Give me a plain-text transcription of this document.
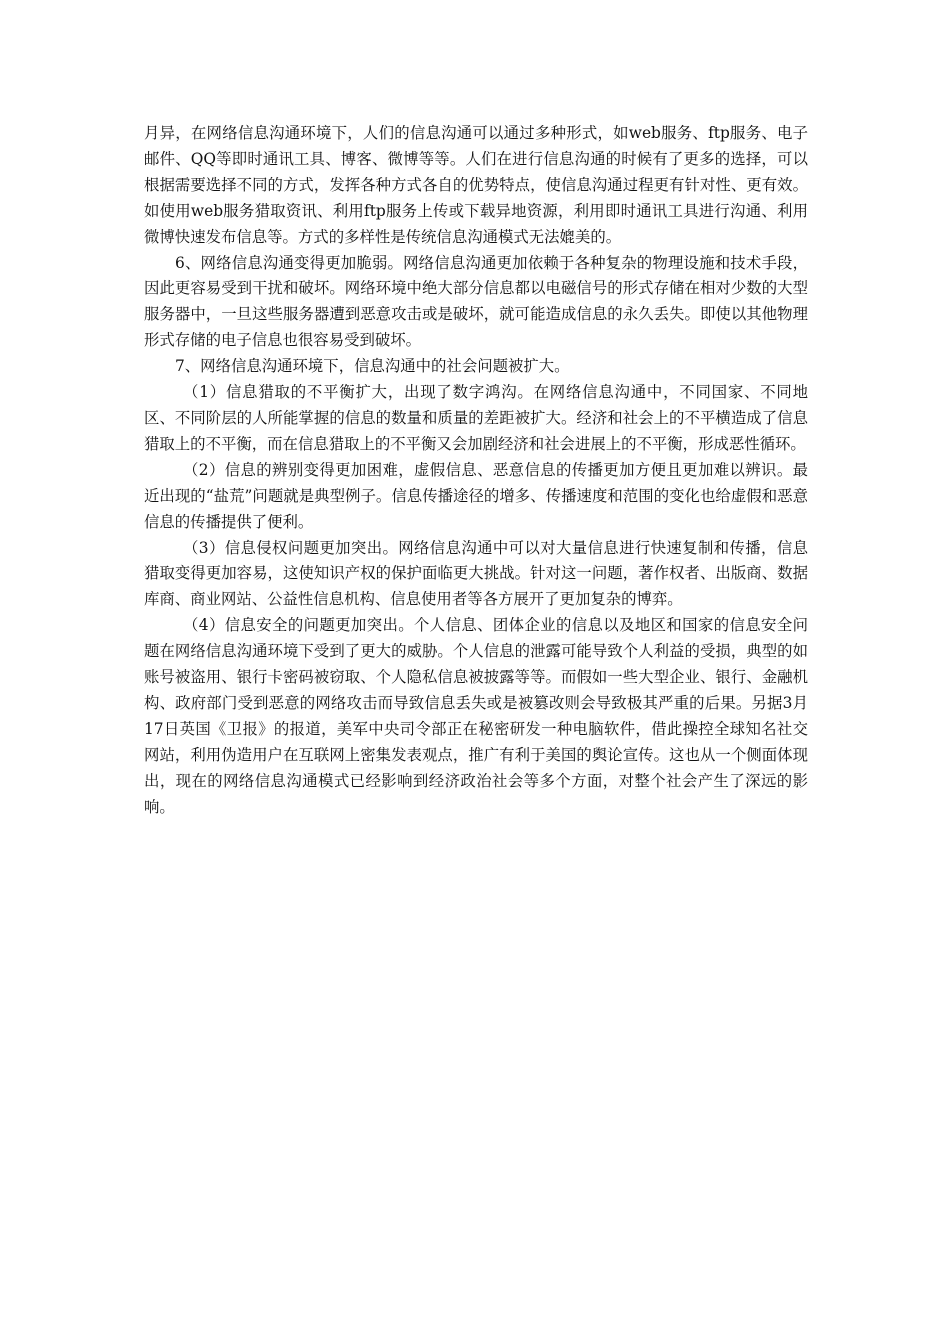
月异，在网络信息沟通环境下，人们的信息沟通可以通过多种形式，如web服务、ftp服务、电子邮件、QQ等即时通讯工具、博客、微博等等。人们在进行信息沟通的时候有了更多的选择，可以根据需要选择不同的方式，发挥各种方式各自的优势特点，使信息沟通过程更有针对性、更有效。如使用web服务猎取资讯、利用ftp服务上传或下载异地资源，利用即时通讯工具进行沟通、利用微博快速发布信息等。方式的多样性是传统信息沟通模式无法媲美的。

6、网络信息沟通变得更加脆弱。网络信息沟通更加依赖于各种复杂的物理设施和技术手段，因此更容易受到干扰和破坏。网络环境中绝大部分信息都以电磁信号的形式存储在相对少数的大型服务器中，一旦这些服务器遭到恶意攻击或是破坏，就可能造成信息的永久丢失。即使以其他物理形式存储的电子信息也很容易受到破坏。

7、网络信息沟通环境下，信息沟通中的社会问题被扩大。

（1）信息猎取的不平衡扩大，出现了数字鸿沟。在网络信息沟通中，不同国家、不同地区、不同阶层的人所能掌握的信息的数量和质量的差距被扩大。经济和社会上的不平横造成了信息猎取上的不平衡，而在信息猎取上的不平衡又会加剧经济和社会进展上的不平衡，形成恶性循环。

（2）信息的辨别变得更加困难，虚假信息、恶意信息的传播更加方便且更加难以辨识。最近出现的“盐荒”问题就是典型例子。信息传播途径的增多、传播速度和范围的变化也给虚假和恶意信息的传播提供了便利。

（3）信息侵权问题更加突出。网络信息沟通中可以对大量信息进行快速复制和传播，信息猎取变得更加容易，这使知识产权的保护面临更大挑战。针对这一问题，著作权者、出版商、数据库商、商业网站、公益性信息机构、信息使用者等各方展开了更加复杂的博弈。

（4）信息安全的问题更加突出。个人信息、团体企业的信息以及地区和国家的信息安全问题在网络信息沟通环境下受到了更大的威胁。个人信息的泄露可能导致个人利益的受损，典型的如账号被盗用、银行卡密码被窃取、个人隐私信息被披露等等。而假如一些大型企业、银行、金融机构、政府部门受到恶意的网络攻击而导致信息丢失或是被篡改则会导致极其严重的后果。另据3月17日英国《卫报》的报道，美军中央司令部正在秘密研发一种电脑软件，借此操控全球知名社交网站，利用伪造用户在互联网上密集发表观点，推广有利于美国的舆论宣传。这也从一个侧面体现出，现在的网络信息沟通模式已经影响到经济政治社会等多个方面，对整个社会产生了深远的影响。
